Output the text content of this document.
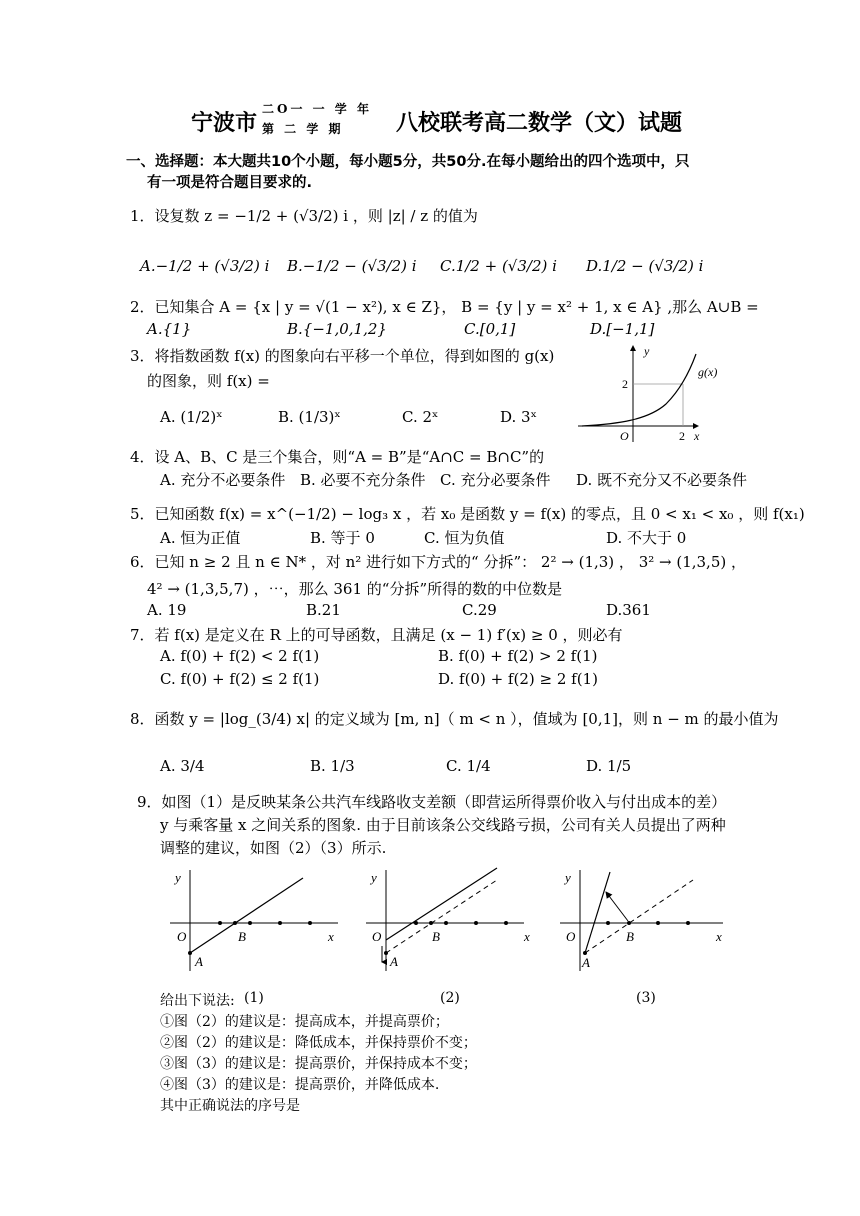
宁波市
二O一 一 学 年
第 二 学 期 八校联考高二数学（文）试题
一、选择题：本大题共10个小题，每小题5分，共50分.在每小题给出的四个选项中，只
有一项是符合题目要求的.
1．设复数 z = −1/2 + (√3/2) i ，则 |z| / z 的值为
A.−1/2 + (√3/2) i B.−1/2 − (√3/2) i C.1/2 + (√3/2) i D.1/2 − (√3/2) i
2．已知集合 A = {x | y = √(1 − x²), x ∈ Z}， B = {y | y = x² + 1, x ∈ A} ,那么 A∪B =
A.{1}	B.{−1,0,1,2}	C.[0,1]	D.[−1,1]
3．将指数函数 f(x) 的图象向右平移一个单位，得到如图的 g(x)
的图象，则 f(x) =
A. (1/2)ˣ	B. (1/3)ˣ	C. 2ˣ	D. 3ˣ
y
x
O
g(x)
2
2
4．设 A、B、C 是三个集合，则“A = B”是“A∩C = B∩C”的
A. 充分不必要条件 B. 必要不充分条件 C. 充分必要条件 D. 既不充分又不必要条件
5．已知函数 f(x) = x^(−1/2) − log₃ x ，若 x₀ 是函数 y = f(x) 的零点，且 0 < x₁ < x₀ ，则 f(x₁)
A. 恒为正值	B. 等于 0	C. 恒为负值	D. 不大于 0
6．已知 n ≥ 2 且 n ∈ N* ，对 n² 进行如下方式的“ 分拆”： 2² → (1,3) ， 3² → (1,3,5) ，
4² → (1,3,5,7) ，⋯，那么 361 的“分拆”所得的数的中位数是
A. 19	B.21	C.29	D.361
7．若 f(x) 是定义在 R 上的可导函数，且满足 (x − 1) f′(x) ≥ 0 ，则必有
A. f(0) + f(2) < 2 f(1)	B. f(0) + f(2) > 2 f(1)
C. f(0) + f(2) ≤ 2 f(1)	D. f(0) + f(2) ≥ 2 f(1)
8．函数 y = |log_(3/4) x| 的定义域为 [m, n]（ m < n ），值域为 [0,1]，则 n − m 的最小值为
A. 3/4	B. 1/3	C. 1/4	D. 1/5
9．如图（1）是反映某条公共汽车线路收支差额（即营运所得票价收入与付出成本的差）
y 与乘客量 x 之间关系的图象. 由于目前该条公交线路亏损，公司有关人员提出了两种
调整的建议，如图（2）（3）所示.
y
O	B	x
A
y
O	B	x
A
y
O	B	x
A
给出下说法: (1)	(2)	(3)
①图（2）的建议是：提高成本，并提高票价；
②图（2）的建议是：降低成本，并保持票价不变；
③图（3）的建议是：提高票价，并保持成本不变；
④图（3）的建议是：提高票价，并降低成本.
其中正确说法的序号是
